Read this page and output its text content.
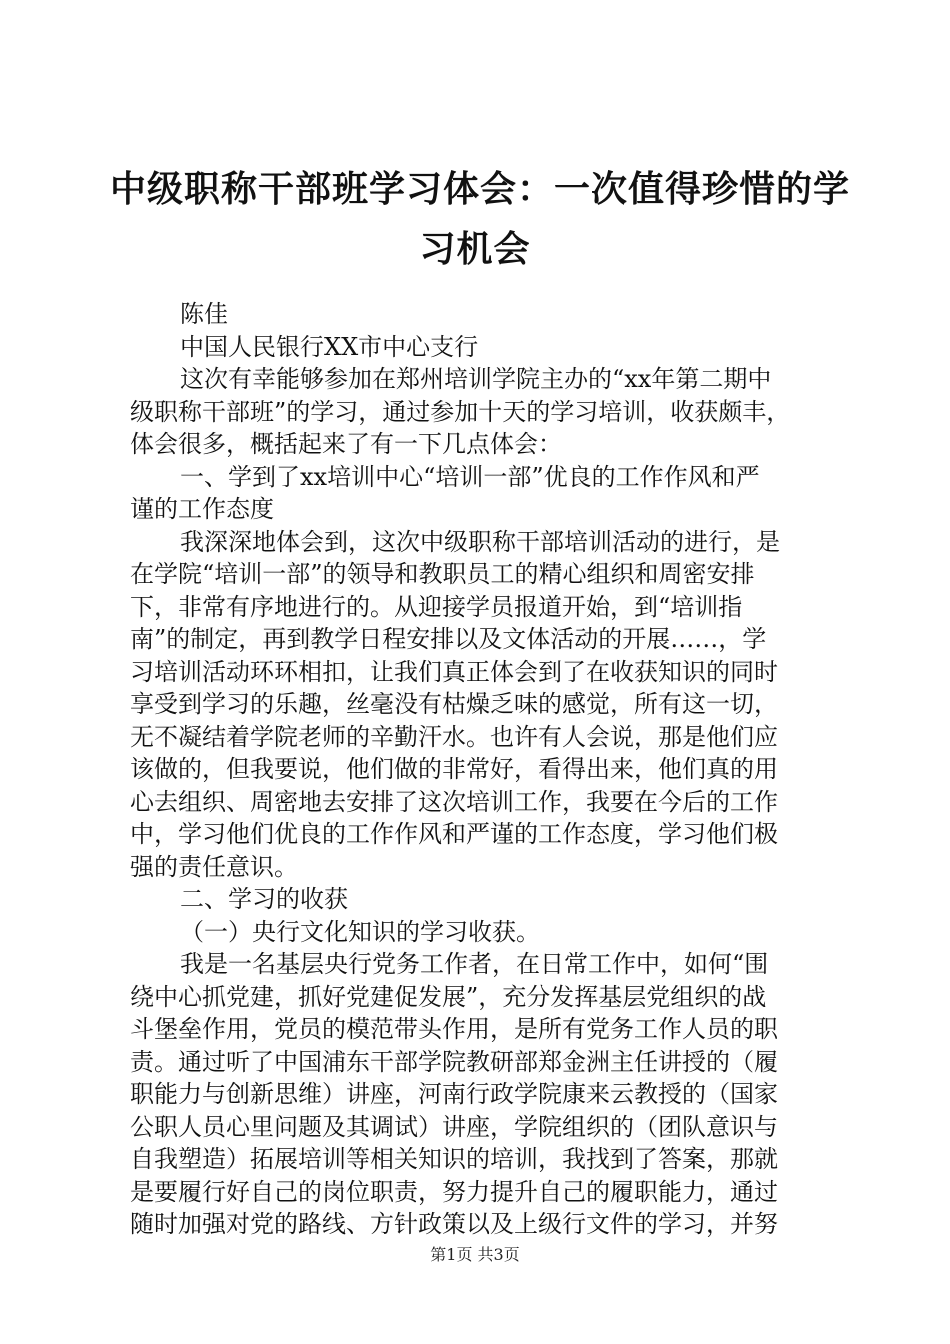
中级职称干部班学习体会：一次值得珍惜的学
习机会
陈佳
中国人民银行XX市中心支行
这次有幸能够参加在郑州培训学院主办的“xx年第二期中
级职称干部班”的学习，通过参加十天的学习培训，收获颇丰，
体会很多，概括起来了有一下几点体会：
一、学到了xx培训中心“培训一部”优良的工作作风和严
谨的工作态度
我深深地体会到，这次中级职称干部培训活动的进行，是
在学院“培训一部”的领导和教职员工的精心组织和周密安排
下，非常有序地进行的。从迎接学员报道开始，到“培训指
南”的制定，再到教学日程安排以及文体活动的开展……，学
习培训活动环环相扣，让我们真正体会到了在收获知识的同时
享受到学习的乐趣，丝毫没有枯燥乏味的感觉，所有这一切，
无不凝结着学院老师的辛勤汗水。也许有人会说，那是他们应
该做的，但我要说，他们做的非常好，看得出来，他们真的用
心去组织、周密地去安排了这次培训工作，我要在今后的工作
中，学习他们优良的工作作风和严谨的工作态度，学习他们极
强的责任意识。
二、学习的收获
（一）央行文化知识的学习收获。
我是一名基层央行党务工作者，在日常工作中，如何“围
绕中心抓党建，抓好党建促发展”，充分发挥基层党组织的战
斗堡垒作用，党员的模范带头作用，是所有党务工作人员的职
责。通过听了中国浦东干部学院教研部郑金洲主任讲授的（履
职能力与创新思维）讲座，河南行政学院康来云教授的（国家
公职人员心里问题及其调试）讲座，学院组织的（团队意识与
自我塑造）拓展培训等相关知识的培训，我找到了答案，那就
是要履行好自己的岗位职责，努力提升自己的履职能力，通过
随时加强对党的路线、方针政策以及上级行文件的学习，并努
第1页 共3页
